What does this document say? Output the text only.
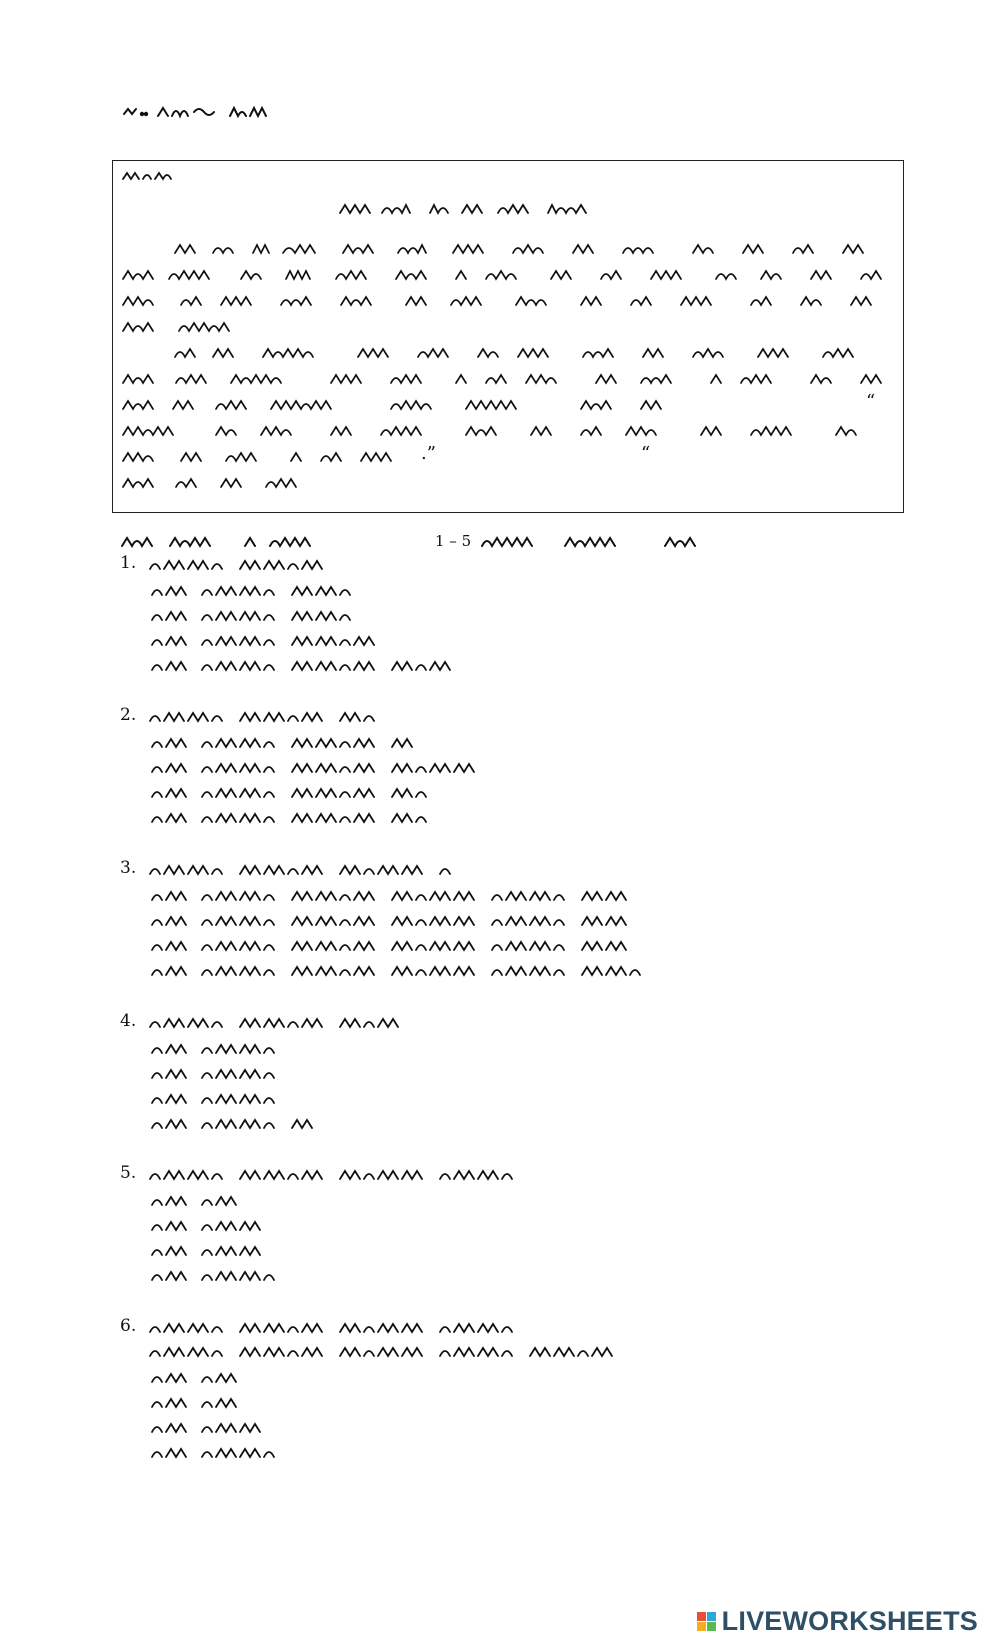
“
.”	“
1 – 5
1.
2.
3.
4.
5.
6.
LIVEWORKSHEETS
